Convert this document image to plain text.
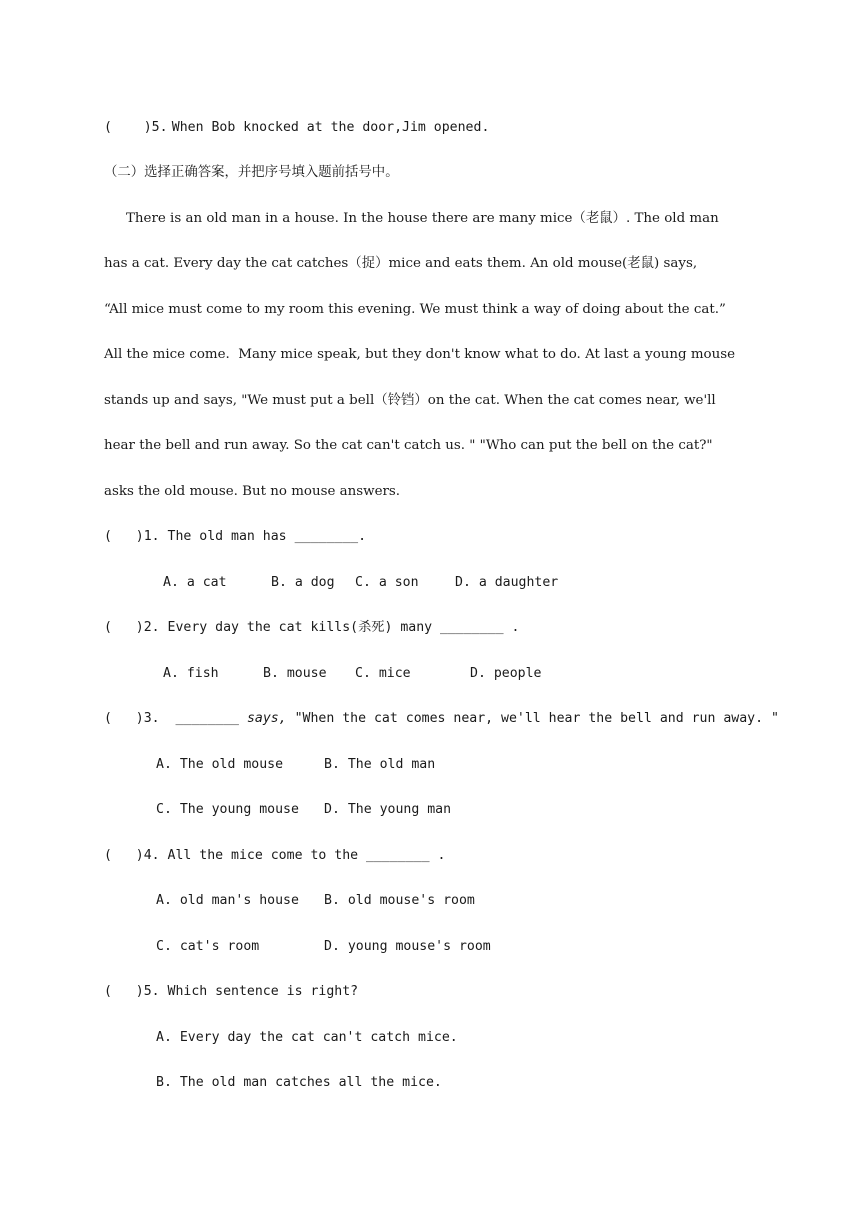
(    )5. When Bob knocked at the door,Jim opened.

（二）选择正确答案，并把序号填入题前括号中。

There is an old man in a house. In the house there are many mice（老鼠）. The old man

has a cat. Every day the cat catches（捉）mice and eats them. An old mouse(老鼠) says,

“All mice must come to my room this evening. We must think a way of doing about the cat.”

All the mice come.  Many mice speak, but they don't know what to do. At last a young mouse

stands up and says, "We must put a bell（铃铛）on the cat. When the cat comes near, we'll

hear the bell and run away. So the cat can't catch us. " "Who can put the bell on the cat?"

asks the old mouse. But no mouse answers.

(   )1. The old man has ________.

A. a cat	B. a dog C. a son	D. a daughter

(   )2. Every day the cat kills(杀死) many ________ .

A. fish	B. mouse C. mice	D. people

(   )3. ________ says, "When the cat comes near, we'll hear the bell and run away. "

A. The old mouse	B. The old man

C. The young mouse D. The young man

(   )4. All the mice come to the ________ .

A. old man's house B. old mouse's room

C. cat's room	D. young mouse's room

(   )5. Which sentence is right?

A. Every day the cat can't catch mice.

B. The old man catches all the mice.
